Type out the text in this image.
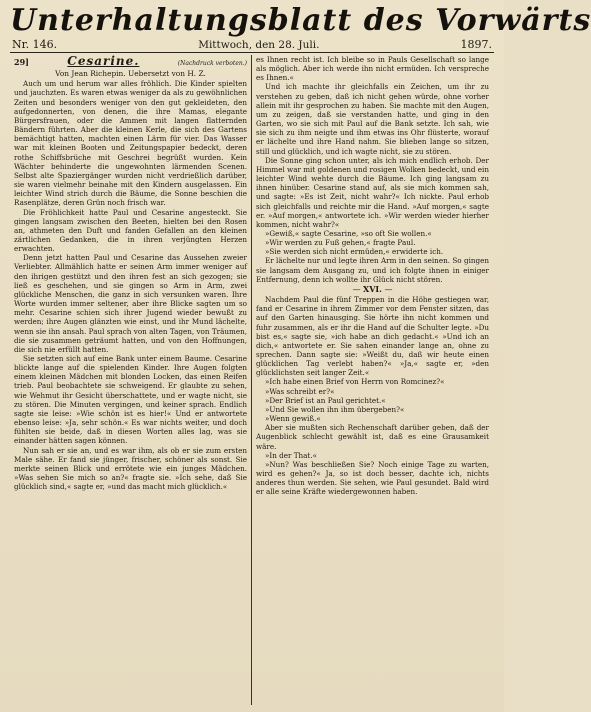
Unterhaltungsblatt des Vorwärts
Nr. 146.	Mittwoch, den 28. Juli.	1897.
29]	Cesarine.	(Nachdruck verboten.)
Von Jean Richepin. Uebersetzt von H. Z.

Auch um und herum war alles fröhlich. Die Kinder spielten und jauchzten. Es waren etwas weniger da als zu gewöhnlichen Zeiten und besonders weniger von den gut gekleideten, den aufgedonnerten, von denen, die ihre Mamas, elegante Bürgersfrauen, oder die Ammen mit langen flatternden Bändern führten. Aber die kleinen Kerle, die sich des Gartens bemächtigt hatten, machten einen Lärm für vier. Das Wasser war mit kleinen Booten und Zeitungspapier bedeckt, deren rothe Schiffsbrüche mit Geschrei begrüßt wurden. Kein Wächter behinderte die ungewohnten lärmenden Scenen. Selbst alte Spaziergänger wurden nicht verdrießlich darüber, sie waren vielmehr beinahe mit den Kindern ausgelassen. Ein leichter Wind strich durch die Bäume, die Sonne beschien die Rasenplätze, deren Grün noch frisch war.

Die Fröhlichkeit hatte Paul und Cesarine angesteckt. Sie gingen langsam zwischen den Beeten, hielten bei den Rosen an, athmeten den Duft und fanden Gefallen an den kleinen zärtlichen Gedanken, die in ihren verjüngten Herzen erwachten.

Denn jetzt hatten Paul und Cesarine das Aussehen zweier Verliebter. Allmählich hatte er seinen Arm immer weniger auf den ihrigen gestützt und den ihren fest an sich gezogen; sie ließ es geschehen, und sie gingen so Arm in Arm, zwei glückliche Menschen, die ganz in sich versunken waren. Ihre Worte wurden immer seltener, aber ihre Blicke sagten um so mehr. Cesarine schien sich ihrer Jugend wieder bewußt zu werden; ihre Augen glänzten wie einst, und ihr Mund lächelte, wenn sie ihn ansah. Paul sprach von alten Tagen, von Träumen, die sie zusammen geträumt hatten, und von den Hoffnungen, die sich nie erfüllt hatten.

Sie setzten sich auf eine Bank unter einem Baume. Cesarine blickte lange auf die spielenden Kinder. Ihre Augen folgten einem kleinen Mädchen mit blonden Locken, das einen Reifen trieb. Paul beobachtete sie schweigend. Er glaubte zu sehen, wie Wehmut ihr Gesicht überschattete, und er wagte nicht, sie zu stören. Die Minuten vergingen, und keiner sprach. Endlich sagte sie leise: »Wie schön ist es hier!« Und er antwortete ebenso leise: »Ja, sehr schön.« Es war nichts weiter, und doch fühlten sie beide, daß in diesen Worten alles lag, was sie einander hätten sagen können.

Nun sah er sie an, und es war ihm, als ob er sie zum ersten Male sähe. Er fand sie jünger, frischer, schöner als sonst. Sie merkte seinen Blick und errötete wie ein junges Mädchen. »Was sehen Sie mich so an?« fragte sie. »Ich sehe, daß Sie glücklich sind,« sagte er, »und das macht mich glücklich.«

es Ihnen recht ist. Ich bleibe so in Pauls Gesellschaft so lange als möglich. Aber ich werde ihn nicht ermüden. Ich verspreche es Ihnen.«

Und ich machte ihr gleichfalls ein Zeichen, um ihr zu verstehen zu geben, daß ich nicht gehen würde, ohne vorher allein mit ihr gesprochen zu haben. Sie machte mit den Augen, um zu zeigen, daß sie verstanden hatte, und ging in den Garten, wo sie sich mit Paul auf die Bank setzte. Ich sah, wie sie sich zu ihm neigte und ihm etwas ins Ohr flüsterte, worauf er lächelte und ihre Hand nahm. Sie blieben lange so sitzen, still und glücklich, und ich wagte nicht, sie zu stören.

Die Sonne ging schon unter, als ich mich endlich erhob. Der Himmel war mit goldenen und rosigen Wolken bedeckt, und ein leichter Wind wehte durch die Bäume. Ich ging langsam zu ihnen hinüber. Cesarine stand auf, als sie mich kommen sah, und sagte: »Es ist Zeit, nicht wahr?« Ich nickte. Paul erhob sich gleichfalls und reichte mir die Hand. »Auf morgen,« sagte er. »Auf morgen,« antwortete ich. »Wir werden wieder hierher kommen, nicht wahr?«

»Gewiß,« sagte Cesarine, »so oft Sie wollen.«

»Wir werden zu Fuß gehen,« fragte Paul.

»Sie werden sich nicht ermüden,« erwiderte ich.

Er lächelte nur und legte ihren Arm in den seinen. So gingen sie langsam dem Ausgang zu, und ich folgte ihnen in einiger Entfernung, denn ich wollte ihr Glück nicht stören.

— XVI. —

Nachdem Paul die fünf Treppen in die Höhe gestiegen war, fand er Cesarine in ihrem Zimmer vor dem Fenster sitzen, das auf den Garten hinausging. Sie hörte ihn nicht kommen und fuhr zusammen, als er ihr die Hand auf die Schulter legte. »Du bist es,« sagte sie, »ich habe an dich gedacht.« »Und ich an dich,« antwortete er. Sie sahen einander lange an, ohne zu sprechen. Dann sagte sie: »Weißt du, daß wir heute einen glücklichen Tag verlebt haben?« »Ja,« sagte er, »den glücklichsten seit langer Zeit.«

»Ich habe einen Brief von Herrn von Romcinez?«

»Was schreibt er?«

»Der Brief ist an Paul gerichtet.«

»Und Sie wollen ihn ihm übergeben?«

»Wenn gewiß.«

Aber sie mußten sich Rechenschaft darüber geben, daß der Augenblick schlecht gewählt ist, daß es eine Grausamkeit wäre.

»In der That.«

»Nun? Was beschließen Sie? Noch einige Tage zu warten, wird es gehen?« Ja, so ist doch besser, dachte ich, nichts anderes thun werden. Sie sehen, wie Paul gesundet. Bald wird er alle seine Kräfte wiedergewonnen haben.
